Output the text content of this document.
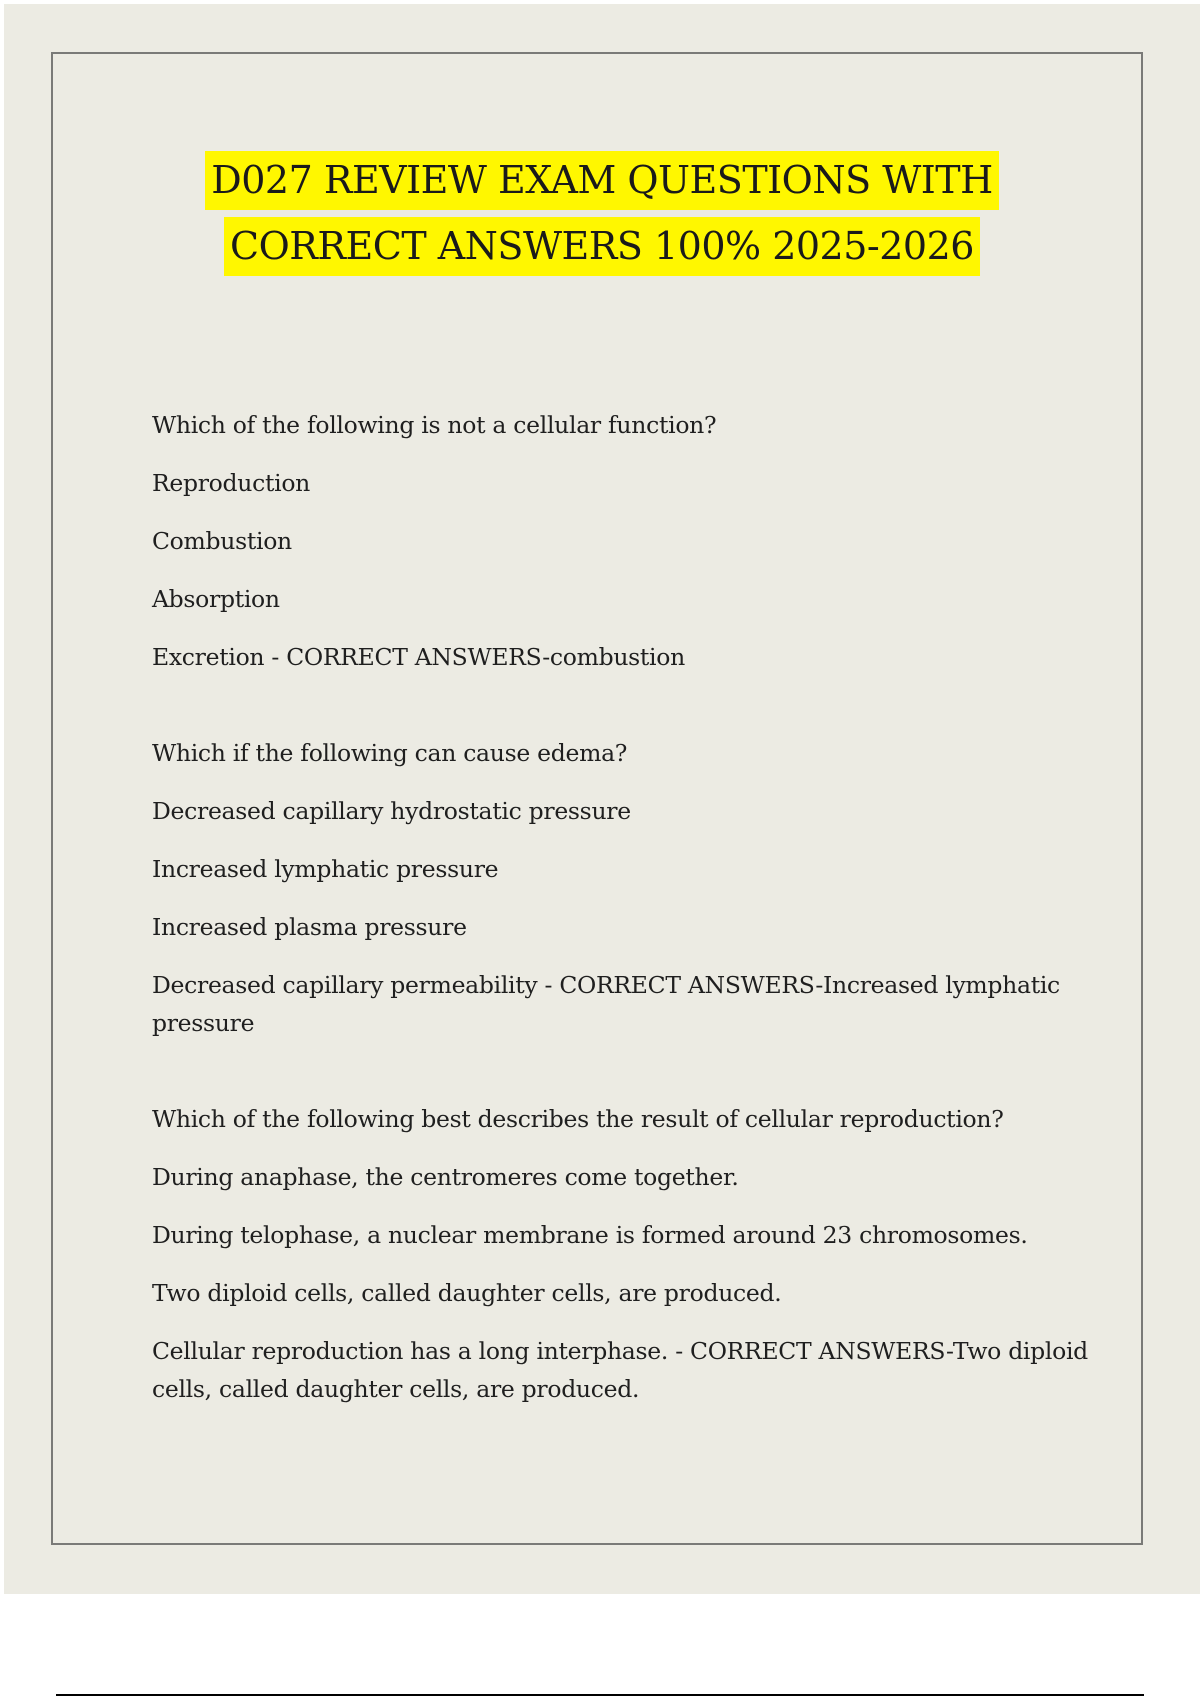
D027 REVIEW EXAM QUESTIONS WITH
CORRECT ANSWERS 100% 2025-2026
Which of the following is not a cellular function?
Reproduction
Combustion
Absorption
Excretion - CORRECT ANSWERS-combustion
Which if the following can cause edema?
Decreased capillary hydrostatic pressure
Increased lymphatic pressure
Increased plasma pressure
Decreased capillary permeability - CORRECT ANSWERS-Increased lymphatic pressure
Which of the following best describes the result of cellular reproduction?
During anaphase, the centromeres come together.
During telophase, a nuclear membrane is formed around 23 chromosomes.
Two diploid cells, called daughter cells, are produced.
Cellular reproduction has a long interphase. - CORRECT ANSWERS-Two diploid cells, called daughter cells, are produced.
